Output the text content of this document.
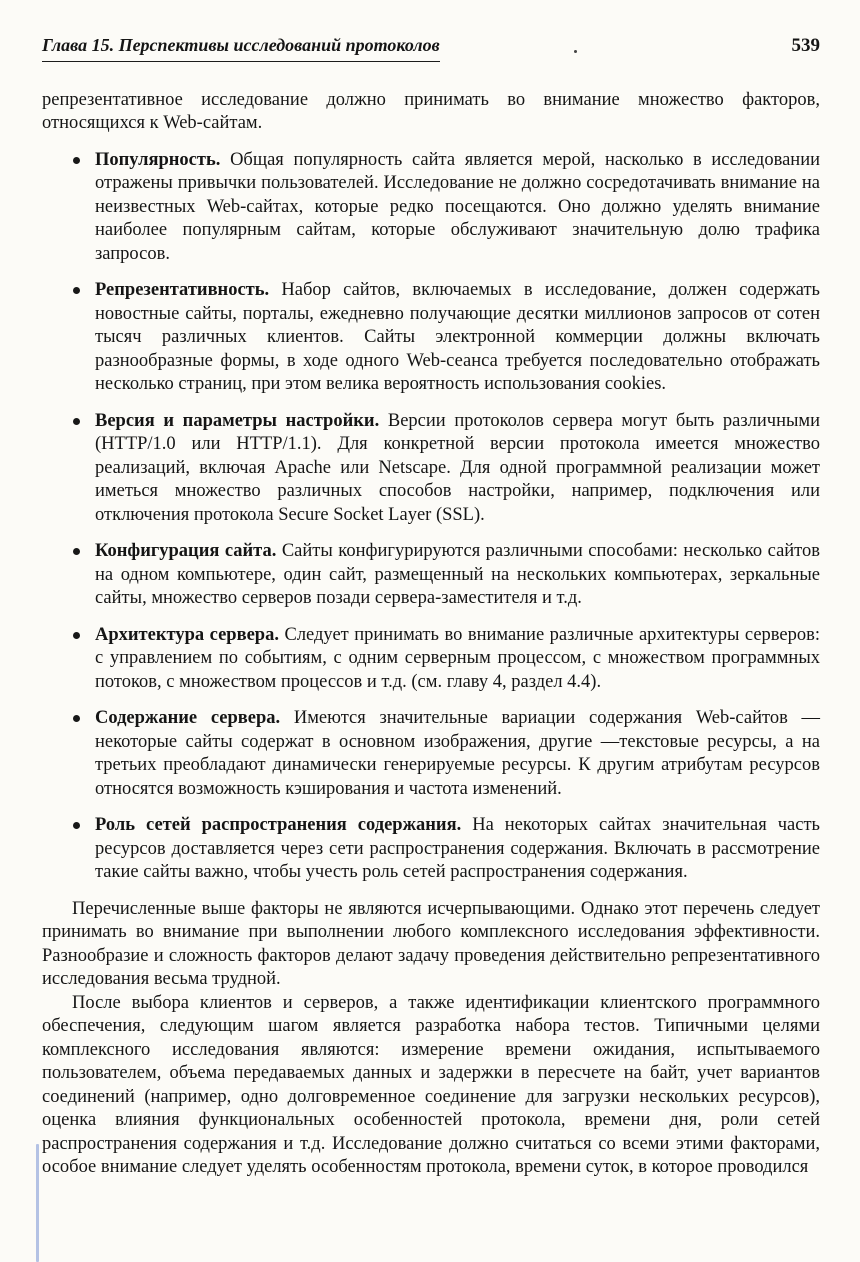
Глава 15. Перспективы исследований протоколов	539

репрезентативное исследование должно принимать во внимание множество факторов, относящихся к Web-сайтам.

Популярность. Общая популярность сайта является мерой, насколько в исследовании отражены привычки пользователей. Исследование не должно сосредотачивать внимание на неизвестных Web-сайтах, которые редко посещаются. Оно должно уделять внимание наиболее популярным сайтам, которые обслуживают значительную долю трафика запросов.
Репрезентативность. Набор сайтов, включаемых в исследование, должен содержать новостные сайты, порталы, ежедневно получающие десятки миллионов запросов от сотен тысяч различных клиентов. Сайты электронной коммерции должны включать разнообразные формы, в ходе одного Web-сеанса требуется последовательно отображать несколько страниц, при этом велика вероятность использования cookies.
Версия и параметры настройки. Версии протоколов сервера могут быть различными (HTTP/1.0 или HTTP/1.1). Для конкретной версии протокола имеется множество реализаций, включая Apache или Netscape. Для одной программной реализации может иметься множество различных способов настройки, например, подключения или отключения протокола Secure Socket Layer (SSL).
Конфигурация сайта. Сайты конфигурируются различными способами: несколько сайтов на одном компьютере, один сайт, размещенный на нескольких компьютерах, зеркальные сайты, множество серверов позади сервера-заместителя и т.д.
Архитектура сервера. Следует принимать во внимание различные архитектуры серверов: с управлением по событиям, с одним серверным процессом, с множеством программных потоков, с множеством процессов и т.д. (см. главу 4, раздел 4.4).
Содержание сервера. Имеются значительные вариации содержания Web-сайтов — некоторые сайты содержат в основном изображения, другие —текстовые ресурсы, а на третьих преобладают динамически генерируемые ресурсы. К другим атрибутам ресурсов относятся возможность кэширования и частота изменений.
Роль сетей распространения содержания. На некоторых сайтах значительная часть ресурсов доставляется через сети распространения содержания. Включать в рассмотрение такие сайты важно, чтобы учесть роль сетей распространения содержания.

Перечисленные выше факторы не являются исчерпывающими. Однако этот перечень следует принимать во внимание при выполнении любого комплексного исследования эффективности. Разнообразие и сложность факторов делают задачу проведения действительно репрезентативного исследования весьма трудной.

После выбора клиентов и серверов, а также идентификации клиентского программного обеспечения, следующим шагом является разработка набора тестов. Типичными целями комплексного исследования являются: измерение времени ожидания, испытываемого пользователем, объема передаваемых данных и задержки в пересчете на байт, учет вариантов соединений (например, одно долговременное соединение для загрузки нескольких ресурсов), оценка влияния функциональных особенностей протокола, времени дня, роли сетей распространения содержания и т.д. Исследование должно считаться со всеми этими факторами, особое внимание следует уделять особенностям протокола, времени суток, в которое проводился
